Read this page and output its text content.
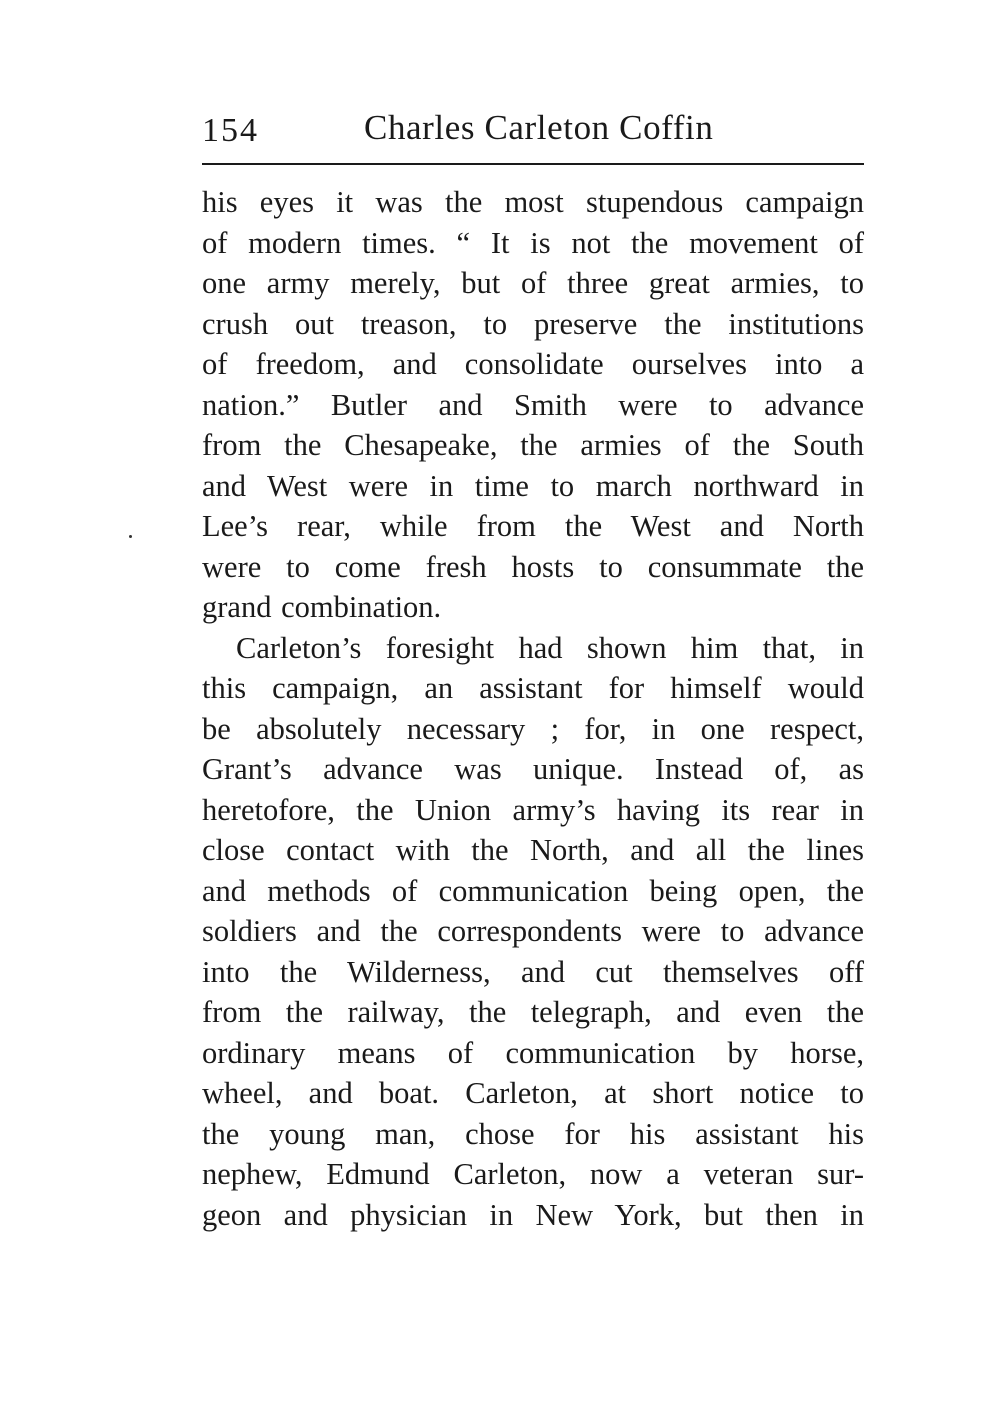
154	Charles Carleton Coffin
his eyes it was the most stupendous campaign
of modern times. “ It is not the movement of
one army merely, but of three great armies, to
crush out treason, to preserve the institutions
of freedom, and consolidate ourselves into a
nation.” Butler and Smith were to advance
from the Chesapeake, the armies of the South
and West were in time to march northward in
Lee’s rear, while from the West and North
were to come fresh hosts to consummate the
grand combination.
Carleton’s foresight had shown him that, in
this campaign, an assistant for himself would
be absolutely necessary ; for, in one respect,
Grant’s advance was unique. Instead of, as
heretofore, the Union army’s having its rear in
close contact with the North, and all the lines
and methods of communication being open, the
soldiers and the correspondents were to advance
into the Wilderness, and cut themselves off
from the railway, the telegraph, and even the
ordinary means of communication by horse,
wheel, and boat. Carleton, at short notice to
the young man, chose for his assistant his
nephew, Edmund Carleton, now a veteran sur-
geon and physician in New York, but then in
